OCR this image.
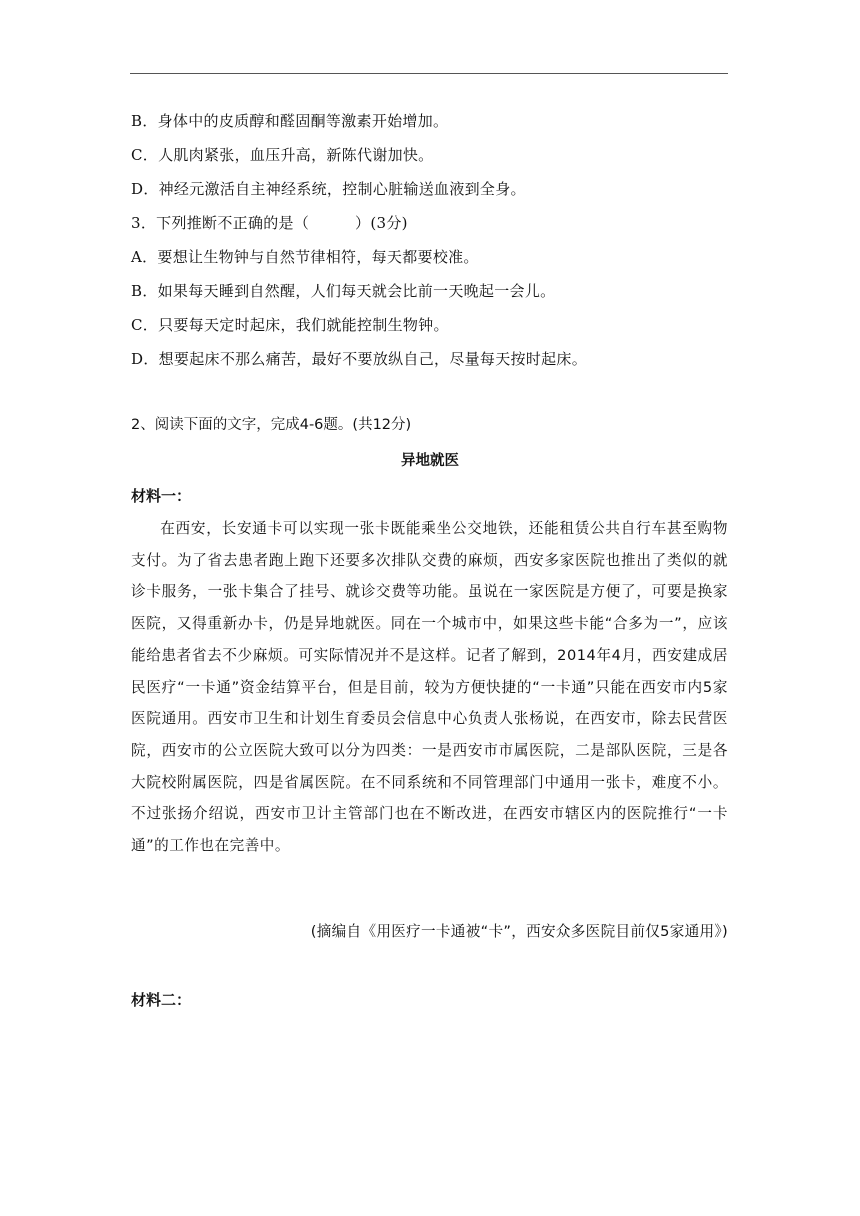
B．身体中的皮质醇和醛固酮等激素开始增加。
C．人肌肉紧张，血压升高，新陈代谢加快。
D．神经元激活自主神经系统，控制心脏输送血液到全身。
3．下列推断不正确的是（　　　）(3分)
A．要想让生物钟与自然节律相符，每天都要校准。
B．如果每天睡到自然醒，人们每天就会比前一天晚起一会儿。
C．只要每天定时起床，我们就能控制生物钟。
D．想要起床不那么痛苦，最好不要放纵自己，尽量每天按时起床。
2、阅读下面的文字，完成4-6题。(共12分)
异地就医
材料一：

在西安，长安通卡可以实现一张卡既能乘坐公交地铁，还能租赁公共自行车甚至购物支付。为了省去患者跑上跑下还要多次排队交费的麻烦，西安多家医院也推出了类似的就诊卡服务，一张卡集合了挂号、就诊交费等功能。虽说在一家医院是方便了，可要是换家医院，又得重新办卡，仍是异地就医。同在一个城市中，如果这些卡能“合多为一”，应该能给患者省去不少麻烦。可实际情况并不是这样。记者了解到，2014年4月，西安建成居民医疗“一卡通”资金结算平台，但是目前，较为方便快捷的“一卡通”只能在西安市内5家医院通用。西安市卫生和计划生育委员会信息中心负责人张杨说，在西安市，除去民营医院，西安市的公立医院大致可以分为四类：一是西安市市属医院，二是部队医院，三是各大院校附属医院，四是省属医院。在不同系统和不同管理部门中通用一张卡，难度不小。不过张扬介绍说，西安市卫计主管部门也在不断改进，在西安市辖区内的医院推行“一卡通”的工作也在完善中。

(摘编自《用医疗一卡通被“卡”，西安众多医院目前仅5家通用》)
材料二：
